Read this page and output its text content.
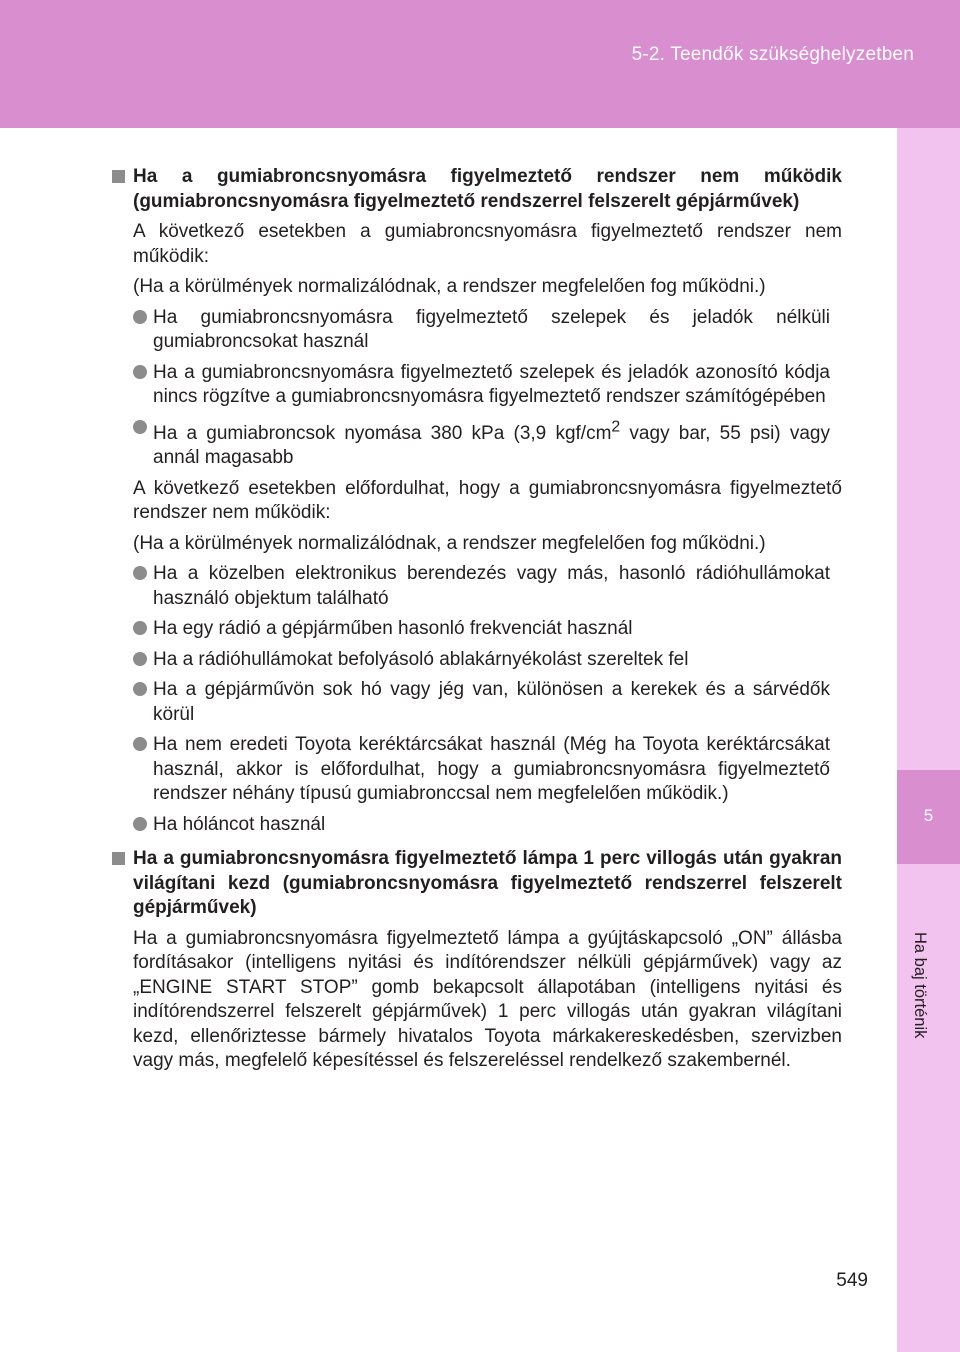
5-2. Teendők szükséghelyzetben
5
Ha baj történik
Ha a gumiabroncsnyomásra figyelmeztető rendszer nem működik (gumiabroncsnyomásra figyelmeztető rendszerrel felszerelt gépjárművek)
A következő esetekben a gumiabroncsnyomásra figyelmeztető rendszer nem működik:
(Ha a körülmények normalizálódnak, a rendszer megfelelően fog működni.)
Ha gumiabroncsnyomásra figyelmeztető szelepek és jeladók nélküli gumiabroncsokat használ
Ha a gumiabroncsnyomásra figyelmeztető szelepek és jeladók azonosító kódja nincs rögzítve a gumiabroncsnyomásra figyelmeztető rendszer számítógépében
Ha a gumiabroncsok nyomása 380 kPa (3,9 kgf/$cm^2$ vagy bar, 55 psi) vagy annál magasabb
A következő esetekben előfordulhat, hogy a gumiabroncsnyomásra figyelmeztető rendszer nem működik:
(Ha a körülmények normalizálódnak, a rendszer megfelelően fog működni.)
Ha a közelben elektronikus berendezés vagy más, hasonló rádióhullámokat használó objektum található
Ha egy rádió a gépjárműben hasonló frekvenciát használ
Ha a rádióhullámokat befolyásoló ablakárnyékolást szereltek fel
Ha a gépjárművön sok hó vagy jég van, különösen a kerekek és a sárvédők körül
Ha nem eredeti Toyota keréktárcsákat használ (Még ha Toyota keréktárcsákat használ, akkor is előfordulhat, hogy a gumiabroncsnyomásra figyelmeztető rendszer néhány típusú gumiabronccsal nem megfelelően működik.)
Ha hóláncot használ
Ha a gumiabroncsnyomásra figyelmeztető lámpa 1 perc villogás után gyakran világítani kezd (gumiabroncsnyomásra figyelmeztető rendszerrel felszerelt gépjárművek)
Ha a gumiabroncsnyomásra figyelmeztető lámpa a gyújtáskapcsoló „ON” állásba fordításakor (intelligens nyitási és indítórendszer nélküli gépjárművek) vagy az „ENGINE START STOP” gomb bekapcsolt állapotában (intelligens nyitási és indítórendszerrel felszerelt gépjárművek) 1 perc villogás után gyakran világítani kezd, ellenőriztesse bármely hivatalos Toyota márkakereskedésben, szervizben vagy más, megfelelő képesítéssel és felszereléssel rendelkező szakembernél.
549
